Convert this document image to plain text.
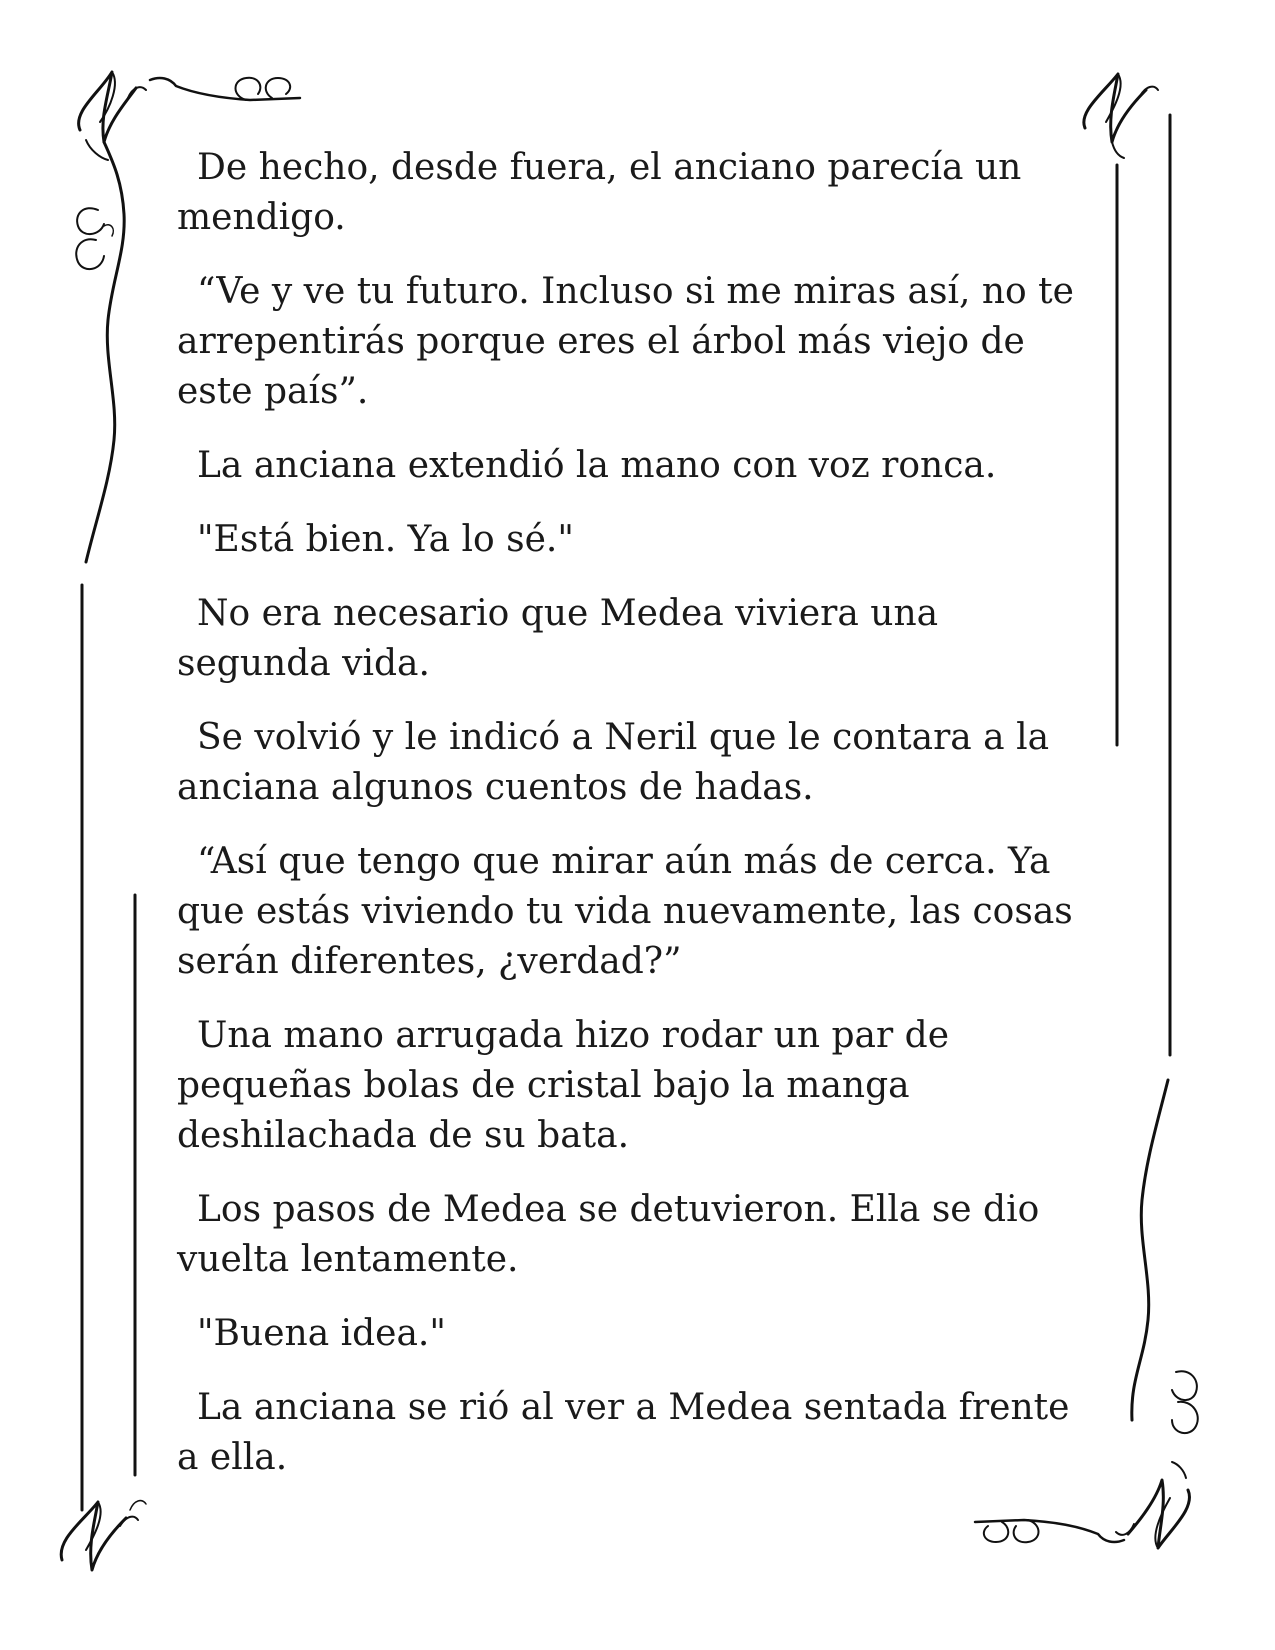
De hecho, desde fuera, el anciano parecía un mendigo.

“Ve y ve tu futuro. Incluso si me miras así, no te arrepentirás porque eres el árbol más viejo de este país”.

La anciana extendió la mano con voz ronca.

"Está bien. Ya lo sé."

No era necesario que Medea viviera una segunda vida.

Se volvió y le indicó a Neril que le contara a la anciana algunos cuentos de hadas.

“Así que tengo que mirar aún más de cerca. Ya que estás viviendo tu vida nuevamente, las cosas serán diferentes, ¿verdad?”

Una mano arrugada hizo rodar un par de pequeñas bolas de cristal bajo la manga deshilachada de su bata.

Los pasos de Medea se detuvieron. Ella se dio vuelta lentamente.

"Buena idea."

La anciana se rió al ver a Medea sentada frente a ella.
